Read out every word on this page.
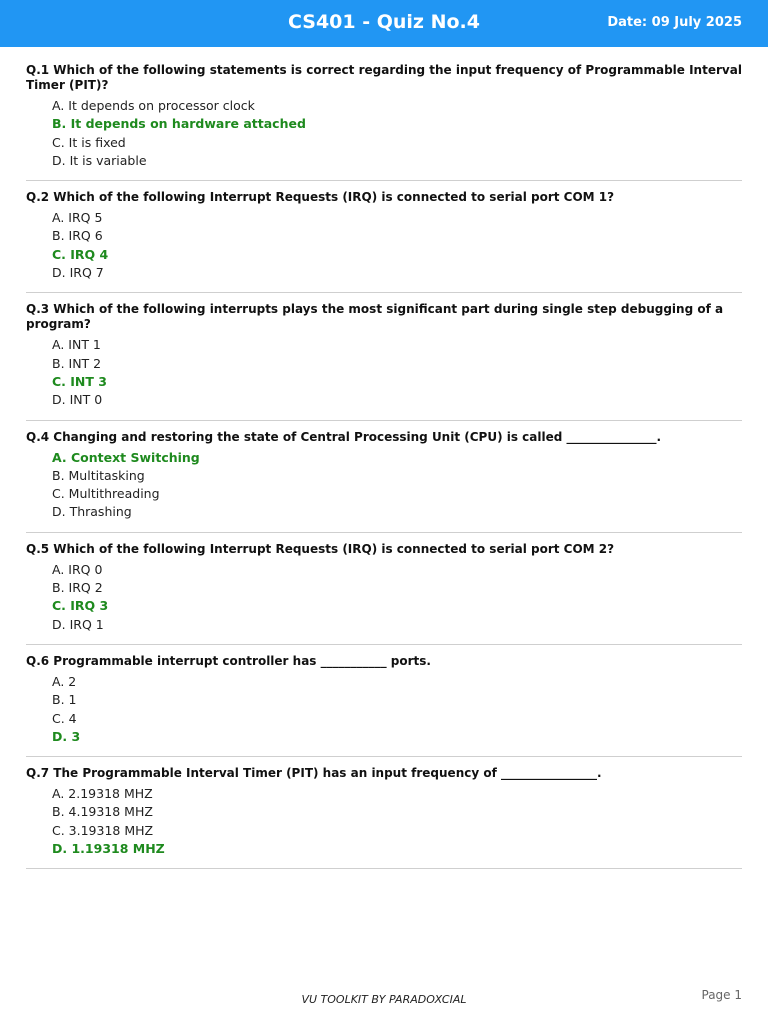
CS401 - Quiz No.4	Date: 09 July 2025
Q.1 Which of the following statements is correct regarding the input frequency of Programmable Interval Timer (PIT)?
A. It depends on processor clock
B. It depends on hardware attached
C. It is fixed
D. It is variable
Q.2 Which of the following Interrupt Requests (IRQ) is connected to serial port COM 1?
A. IRQ 5
B. IRQ 6
C. IRQ 4
D. IRQ 7
Q.3 Which of the following interrupts plays the most significant part during single step debugging of a program?
A. INT 1
B. INT 2
C. INT 3
D. INT 0
Q.4 Changing and restoring the state of Central Processing Unit (CPU) is called _______________.
A. Context Switching
B. Multitasking
C. Multithreading
D. Thrashing
Q.5 Which of the following Interrupt Requests (IRQ) is connected to serial port COM 2?
A. IRQ 0
B. IRQ 2
C. IRQ 3
D. IRQ 1
Q.6 Programmable interrupt controller has ___________ ports.
A. 2
B. 1
C. 4
D. 3
Q.7 The Programmable Interval Timer (PIT) has an input frequency of ________________.
A. 2.19318 MHZ
B. 4.19318 MHZ
C. 3.19318 MHZ
D. 1.19318 MHZ
VU TOOLKIT BY PARADOXCIAL	Page 1
